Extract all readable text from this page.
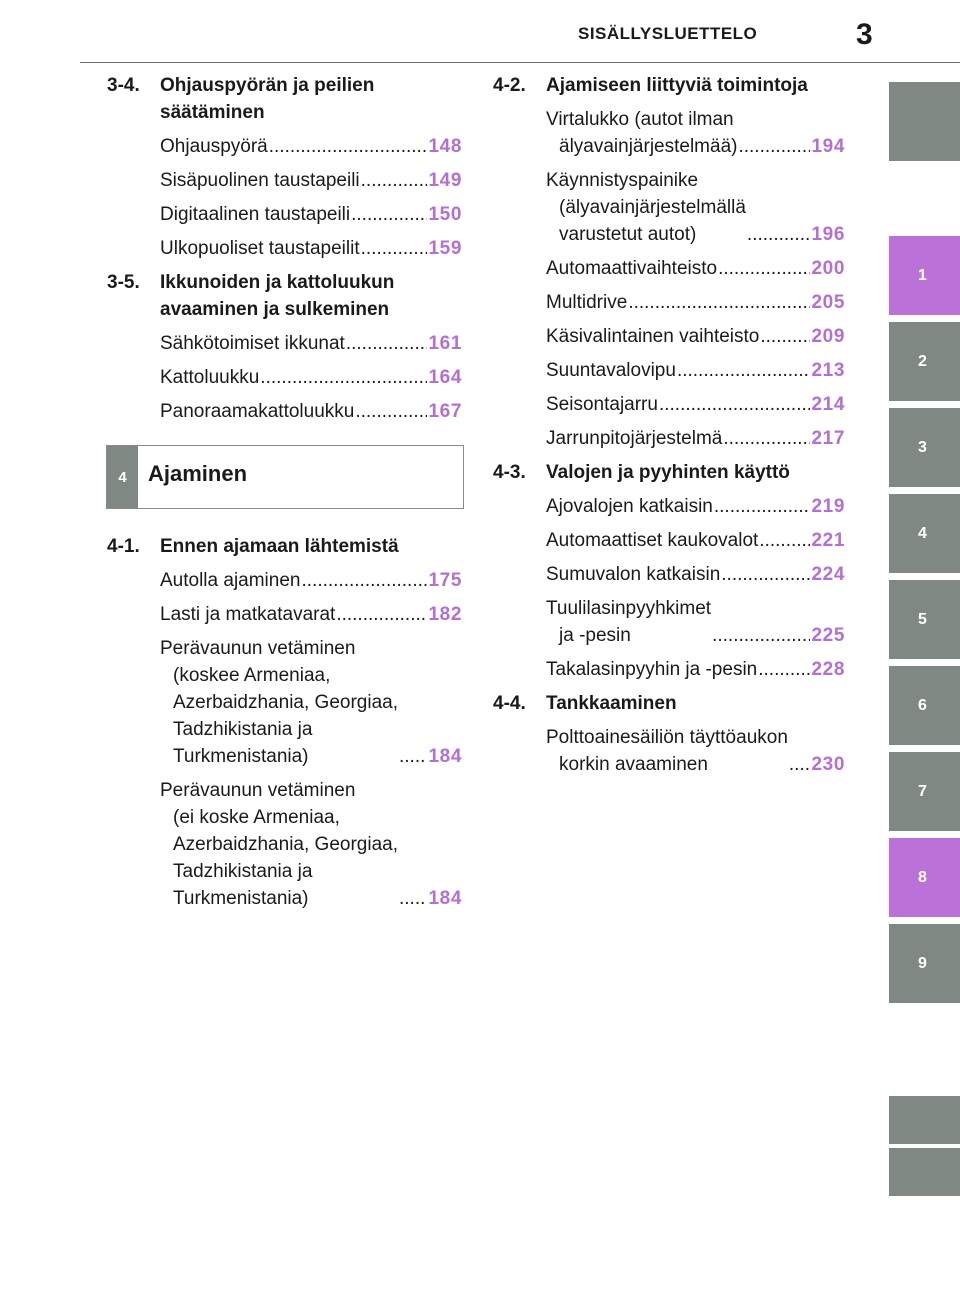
SISÄLLYSLUETTELO	3
1
2
3
4
5
6
7
8
9
3-4.	Ohjauspyörän ja peilien
säätäminen
Ohjauspyörä .....	148
Sisäpuolinen taustapeili .....	149
Digitaalinen taustapeili .....	150
Ulkopuoliset taustapeilit .....	159
3-5.	Ikkunoiden ja kattoluukun
avaaminen ja sulkeminen
Sähkötoimiset ikkunat .....	161
Kattoluukku .....	164
Panoraamakattoluukku .....	167
4 Ajaminen
4-1.	Ennen ajamaan lähtemistä
Autolla ajaminen .....	175
Lasti ja matkatavarat .....	182
Perävaunun vetäminen
(koskee Armeniaa,
Azerbaidzhania, Georgiaa,
Tadzhikistania ja
Turkmenistania) .....	184
Perävaunun vetäminen
(ei koske Armeniaa,
Azerbaidzhania, Georgiaa,
Tadzhikistania ja
Turkmenistania) .....	184
4-2.	Ajamiseen liittyviä toimintoja
Virtalukko (autot ilman
älyavainjärjestelmää) .....	194
Käynnistyspainike
(älyavainjärjestelmällä
varustetut autot) .....	196
Automaattivaihteisto .....	200
Multidrive .....	205
Käsivalintainen vaihteisto .....	209
Suuntavalovipu .....	213
Seisontajarru .....	214
Jarrunpitojärjestelmä .....	217
4-3.	Valojen ja pyyhinten käyttö
Ajovalojen katkaisin .....	219
Automaattiset kaukovalot .....	221
Sumuvalon katkaisin .....	224
Tuulilasinpyyhkimet
ja -pesin .....	225
Takalasinpyyhin ja -pesin .....	228
4-4.	Tankkaaminen
Polttoainesäiliön täyttöaukon
korkin avaaminen .....	230
